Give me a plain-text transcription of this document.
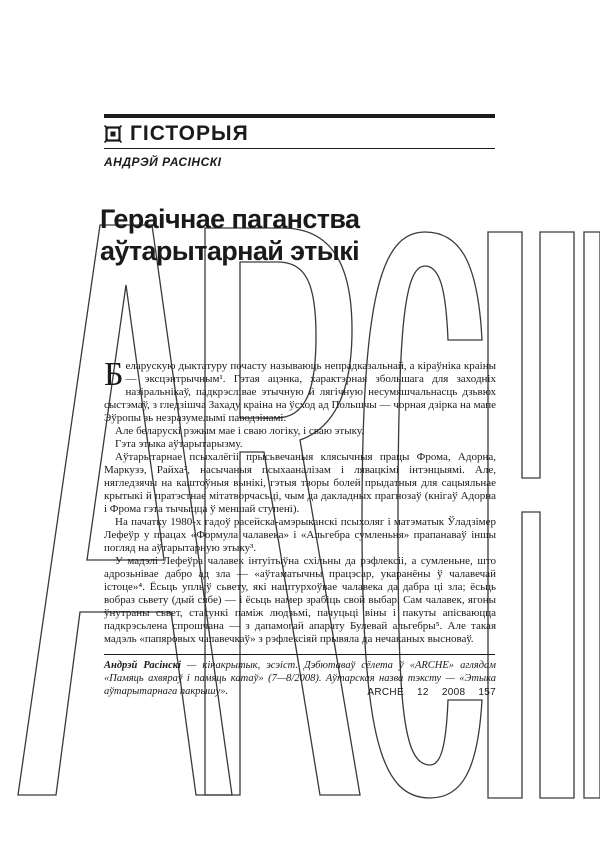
ГІСТОРЫЯ
АНДРЭЙ РАСІНСКІ
Гераічнае паганства
аўтарытарнай этыкі

Беларускую дыктатуру почасту называюць непрадказальнай, а кіраўніка краіны — эксцэнтрычным¹. Гэтая ацэнка, характэрная збольшага для заходніх назіральнікаў, падкрэслівае этычную й лягічную несумяшчальнасць дзьвюх сыстэмаў, з гледзішча Захаду краіна на ўсход ад Польшчы — чорная дзірка на мапе Эўропы зь незразумелымі паводзінамі.

Але беларускі рэжым мае і сваю логіку, і сваю этыку.

Гэта этыка аўтарытарызму.

Аўтарытарнае псыхалёгіі прысьвечаныя клясычныя працы Фрома, Адорна, Маркузэ, Райха², насычаныя псыхааналізам і лявацкімі інтэнцыямі. Але, нягледзячы на каштоўныя вынікі, гэтыя творы болей прыдатныя для сацыяльнае крытыкі й пратэстнае мітатворчасьці, чым да дакладных прагнозаў (кнігаў Адорна і Фрома гэта тычыцца ў меншай ступені).

На пачатку 1980-х гадоў расейска-амэрыканскі псыхоляг і матэматык Ўладзімер Лефеўр у працах «Формула чалавека» і «Альгебра сумленьня» прапанаваў іншы погляд на аўтарытарную этыку³.

У мадэлі Лефеўра чалавек інтуітыўна схільны да рэфлексіі, а сумленьне, што адрозьнівае дабро ад зла — «аўтаматычны працэсар, укаранёны ў чалавечай істоце»⁴. Ёсьць уплыў сьвету, які наштурхоўвае чалавека да дабра ці зла; ёсьць вобраз сьвету (дый сябе) — і ёсьць намер зрабіць свой выбар. Сам чалавек, ягоны ўнутраны сьвет, стасункі паміж людзьмі, пачуцьці віны і пакуты апісваюцца падкрэсьлена спрошчана — з дапамогай апарату Булевай альгебры⁵. Але такая мадэль «папяровых чалавечкаў» з рэфлексіяй прывяла да нечаканых высноваў.

Андрэй Расінскі — кінакрытык, эсэіст. Дэбютаваў сёлета ў «ARCHE» аглядам «Памяць ахвяраў і памяць катаў» (7—8/2008). Аўтарская назва тэксту — «Этыка аўтарытарнага пакрышу».	ARCHE 12 2008 157
